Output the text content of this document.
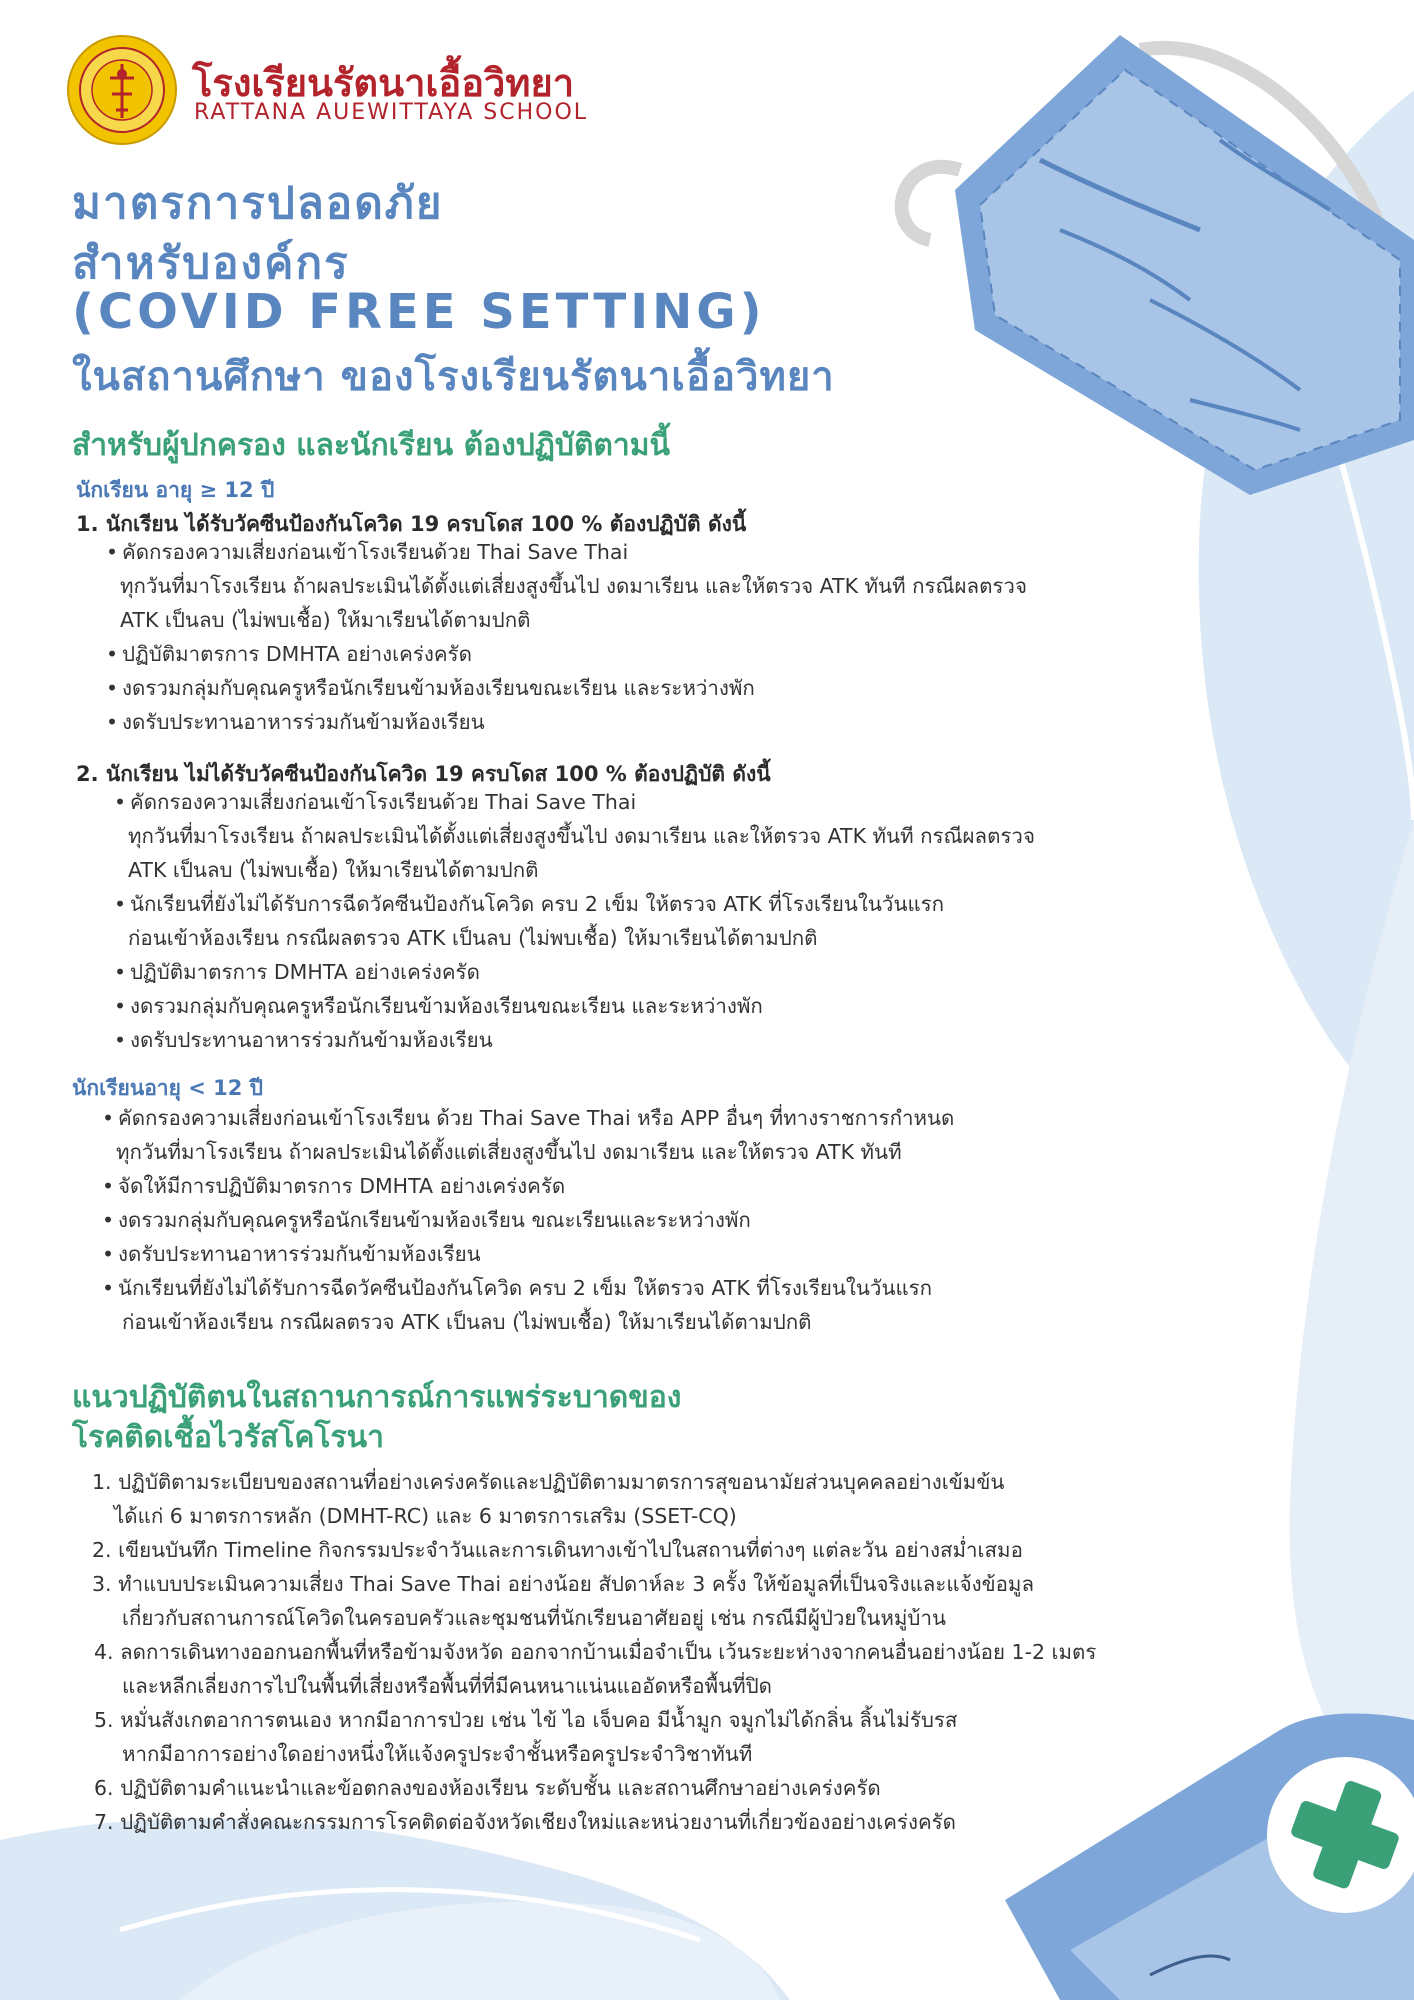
โรงเรียนรัตนาเอื้อวิทยา
RATTANA AUEWITTAYA SCHOOL
มาตรการปลอดภัย
สำหรับองค์กร
(COVID FREE SETTING)
ในสถานศึกษา ของโรงเรียนรัตนาเอื้อวิทยา
สำหรับผู้ปกครอง และนักเรียน ต้องปฏิบัติตามนี้
นักเรียน อายุ ≥ 12 ปี
1. นักเรียน ได้รับวัคซีนป้องกันโควิด 19 ครบโดส 100 % ต้องปฏิบัติ ดังนี้
• คัดกรองความเสี่ยงก่อนเข้าโรงเรียนด้วย Thai Save Thai
ทุกวันที่มาโรงเรียน ถ้าผลประเมินได้ตั้งแต่เสี่ยงสูงขึ้นไป งดมาเรียน และให้ตรวจ ATK ทันที กรณีผลตรวจ
ATK เป็นลบ (ไม่พบเชื้อ) ให้มาเรียนได้ตามปกติ
• ปฏิบัติมาตรการ DMHTA อย่างเคร่งครัด
• งดรวมกลุ่มกับคุณครูหรือนักเรียนข้ามห้องเรียนขณะเรียน และระหว่างพัก
• งดรับประทานอาหารร่วมกันข้ามห้องเรียน
2. นักเรียน ไม่ได้รับวัคซีนป้องกันโควิด 19 ครบโดส 100 % ต้องปฏิบัติ ดังนี้
• คัดกรองความเสี่ยงก่อนเข้าโรงเรียนด้วย Thai Save Thai
ทุกวันที่มาโรงเรียน ถ้าผลประเมินได้ตั้งแต่เสี่ยงสูงขึ้นไป งดมาเรียน และให้ตรวจ ATK ทันที กรณีผลตรวจ
ATK เป็นลบ (ไม่พบเชื้อ) ให้มาเรียนได้ตามปกติ
• นักเรียนที่ยังไม่ได้รับการฉีดวัคซีนป้องกันโควิด ครบ 2 เข็ม ให้ตรวจ ATK ที่โรงเรียนในวันแรก
ก่อนเข้าห้องเรียน กรณีผลตรวจ ATK เป็นลบ (ไม่พบเชื้อ) ให้มาเรียนได้ตามปกติ
• ปฏิบัติมาตรการ DMHTA อย่างเคร่งครัด
• งดรวมกลุ่มกับคุณครูหรือนักเรียนข้ามห้องเรียนขณะเรียน และระหว่างพัก
• งดรับประทานอาหารร่วมกันข้ามห้องเรียน
นักเรียนอายุ < 12 ปี
• คัดกรองความเสี่ยงก่อนเข้าโรงเรียน ด้วย Thai Save Thai หรือ APP อื่นๆ ที่ทางราชการกำหนด
ทุกวันที่มาโรงเรียน ถ้าผลประเมินได้ตั้งแต่เสี่ยงสูงขึ้นไป งดมาเรียน และให้ตรวจ ATK ทันที
• จัดให้มีการปฏิบัติมาตรการ DMHTA อย่างเคร่งครัด
• งดรวมกลุ่มกับคุณครูหรือนักเรียนข้ามห้องเรียน ขณะเรียนและระหว่างพัก
• งดรับประทานอาหารร่วมกันข้ามห้องเรียน
• นักเรียนที่ยังไม่ได้รับการฉีดวัคซีนป้องกันโควิด ครบ 2 เข็ม ให้ตรวจ ATK ที่โรงเรียนในวันแรก
ก่อนเข้าห้องเรียน กรณีผลตรวจ ATK เป็นลบ (ไม่พบเชื้อ) ให้มาเรียนได้ตามปกติ
แนวปฏิบัติตนในสถานการณ์การแพร่ระบาดของ
โรคติดเชื้อไวรัสโคโรนา
1. ปฏิบัติตามระเบียบของสถานที่อย่างเคร่งครัดและปฏิบัติตามมาตรการสุขอนามัยส่วนบุคคลอย่างเข้มข้น
ได้แก่ 6 มาตรการหลัก (DMHT-RC) และ 6 มาตรการเสริม (SSET-CQ)
2. เขียนบันทึก Timeline กิจกรรมประจำวันและการเดินทางเข้าไปในสถานที่ต่างๆ แต่ละวัน อย่างสม่ำเสมอ
3. ทำแบบประเมินความเสี่ยง Thai Save Thai อย่างน้อย สัปดาห์ละ 3 ครั้ง ให้ข้อมูลที่เป็นจริงและแจ้งข้อมูล
เกี่ยวกับสถานการณ์โควิดในครอบครัวและชุมชนที่นักเรียนอาศัยอยู่ เช่น กรณีมีผู้ป่วยในหมู่บ้าน
4. ลดการเดินทางออกนอกพื้นที่หรือข้ามจังหวัด ออกจากบ้านเมื่อจำเป็น เว้นระยะห่างจากคนอื่นอย่างน้อย 1-2 เมตร
และหลีกเลี่ยงการไปในพื้นที่เสี่ยงหรือพื้นที่ที่มีคนหนาแน่นแออัดหรือพื้นที่ปิด
5. หมั่นสังเกตอาการตนเอง หากมีอาการป่วย เช่น ไข้ ไอ เจ็บคอ มีน้ำมูก จมูกไม่ได้กลิ่น ลิ้นไม่รับรส
หากมีอาการอย่างใดอย่างหนึ่งให้แจ้งครูประจำชั้นหรือครูประจำวิชาทันที
6. ปฏิบัติตามคำแนะนำและข้อตกลงของห้องเรียน ระดับชั้น และสถานศึกษาอย่างเคร่งครัด
7. ปฏิบัติตามคำสั่งคณะกรรมการโรคติดต่อจังหวัดเชียงใหม่และหน่วยงานที่เกี่ยวข้องอย่างเคร่งครัด
